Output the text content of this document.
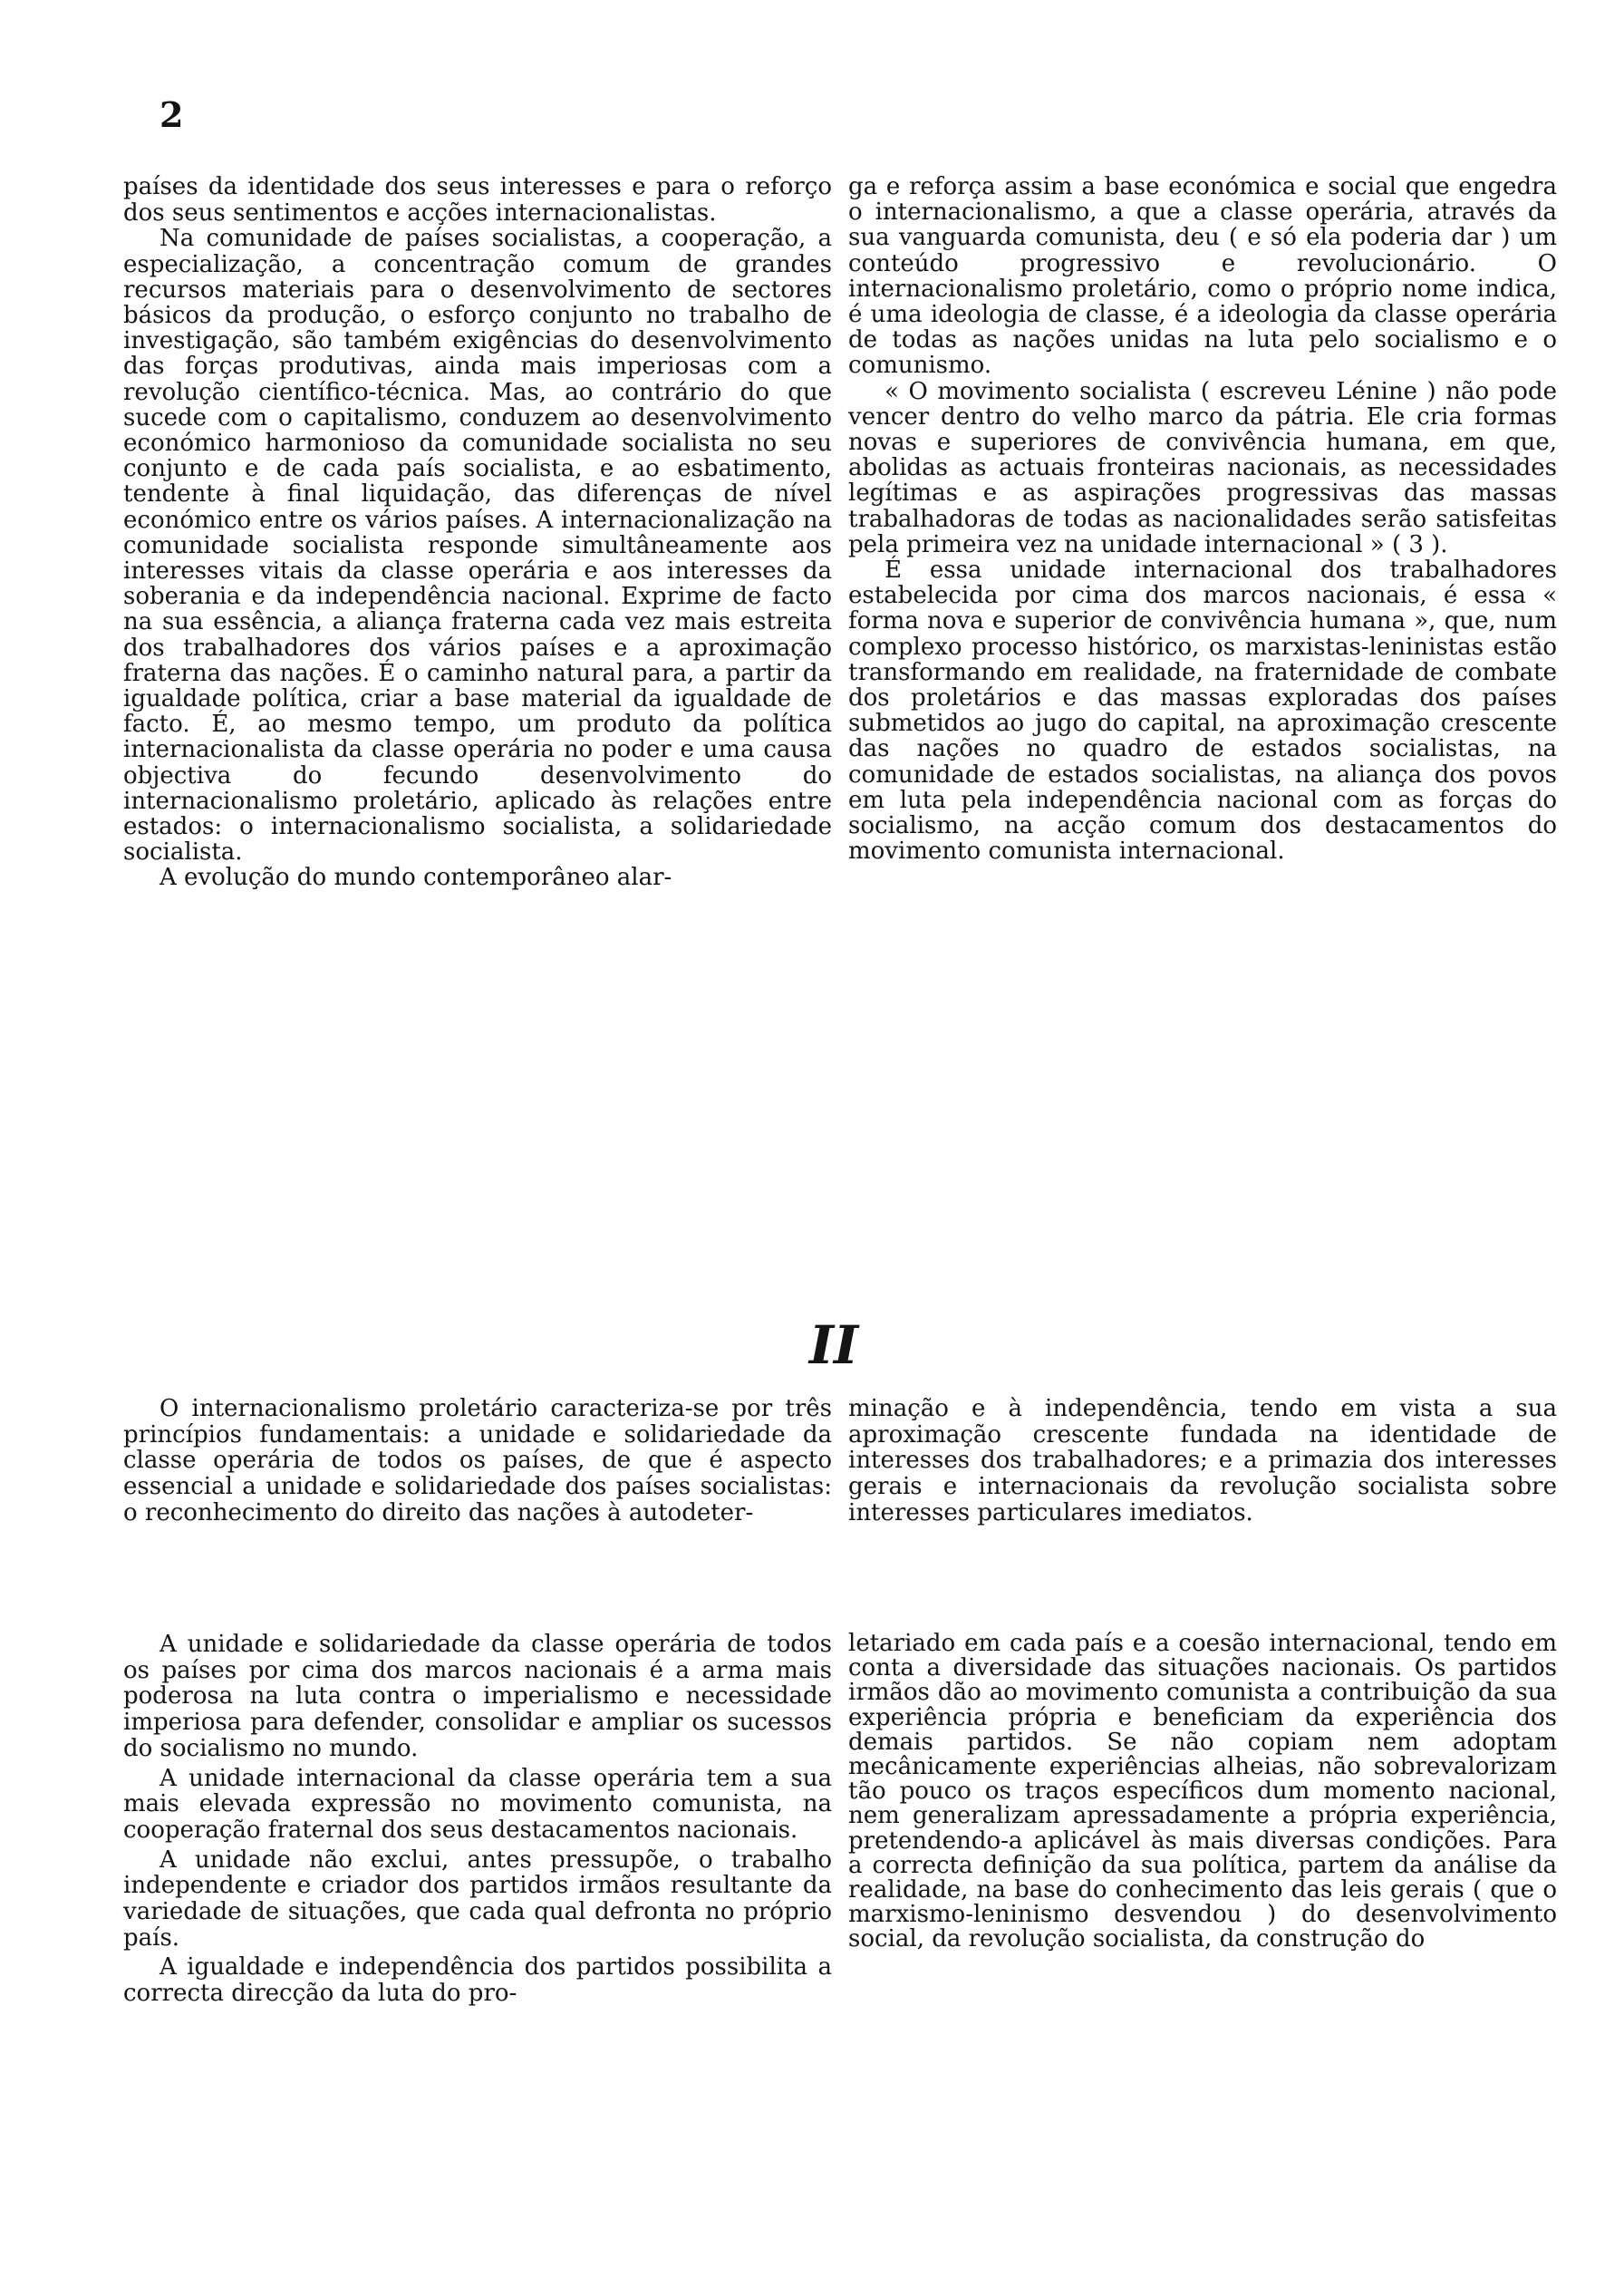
2

países da identidade dos seus interesses e para o reforço dos seus sentimentos e acções internacionalistas.

Na comunidade de países socialistas, a cooperação, a especialização, a concentração comum de grandes recursos materiais para o desenvolvimento de sectores básicos da produção, o esforço conjunto no trabalho de investigação, são também exigências do desenvolvimento das forças produtivas, ainda mais imperiosas com a revolução científico-técnica. Mas, ao contrário do que sucede com o capitalismo, conduzem ao desenvolvimento económico harmonioso da comunidade socialista no seu conjunto e de cada país socialista, e ao esbatimento, tendente à final liquidação, das diferenças de nível económico entre os vários países. A internacionalização na comunidade socialista responde simultâneamente aos interesses vitais da classe operária e aos interesses da soberania e da independência nacional. Exprime de facto na sua essência, a aliança fraterna cada vez mais estreita dos trabalhadores dos vários países e a aproximação fraterna das nações. É o caminho natural para, a partir da igualdade política, criar a base material da igualdade de facto. É, ao mesmo tempo, um produto da política internacionalista da classe operária no poder e uma causa objectiva do fecundo desenvolvimento do internacionalismo proletário, aplicado às relações entre estados: o internacionalismo socialista, a solidariedade socialista.

A evolução do mundo contemporâneo alar-

ga e reforça assim a base económica e social que engedra o internacionalismo, a que a classe operária, através da sua vanguarda comunista, deu ( e só ela poderia dar ) um conteúdo progressivo e revolucionário. O internacionalismo proletário, como o próprio nome indica, é uma ideologia de classe, é a ideologia da classe operária de todas as nações unidas na luta pelo socialismo e o comunismo.

« O movimento socialista ( escreveu Lénine ) não pode vencer dentro do velho marco da pátria. Ele cria formas novas e superiores de convivência humana, em que, abolidas as actuais fronteiras nacionais, as necessidades legítimas e as aspirações progressivas das massas trabalhadoras de todas as nacionalidades serão satisfeitas pela primeira vez na unidade internacional » ( 3 ).

É essa unidade internacional dos trabalhadores estabelecida por cima dos marcos nacionais, é essa « forma nova e superior de convivência humana », que, num complexo processo histórico, os marxistas-leninistas estão transformando em realidade, na fraternidade de combate dos proletários e das massas exploradas dos países submetidos ao jugo do capital, na aproximação crescente das nações no quadro de estados socialistas, na comunidade de estados socialistas, na aliança dos povos em luta pela independência nacional com as forças do socialismo, na acção comum dos destacamentos do movimento comunista internacional.

II

O internacionalismo proletário caracteriza-se por três princípios fundamentais: a unidade e solidariedade da classe operária de todos os países, de que é aspecto essencial a unidade e solidariedade dos países socialistas: o reconhecimento do direito das nações à autodeter-

minação e à independência, tendo em vista a sua aproximação crescente fundada na identidade de interesses dos trabalhadores; e a primazia dos interesses gerais e internacionais da revolução socialista sobre interesses particulares imediatos.

A unidade e solidariedade da classe operária de todos os países por cima dos marcos nacionais é a arma mais poderosa na luta contra o imperialismo e necessidade imperiosa para defender, consolidar e ampliar os sucessos do socialismo no mundo.

A unidade internacional da classe operária tem a sua mais elevada expressão no movimento comunista, na cooperação fraternal dos seus destacamentos nacionais.

A unidade não exclui, antes pressupõe, o trabalho independente e criador dos partidos irmãos resultante da variedade de situações, que cada qual defronta no próprio país.

A igualdade e independência dos partidos possibilita a correcta direcção da luta do pro-

letariado em cada país e a coesão internacional, tendo em conta a diversidade das situações nacionais. Os partidos irmãos dão ao movimento comunista a contribuição da sua experiência própria e beneficiam da experiência dos demais partidos. Se não copiam nem adoptam mecânicamente experiências alheias, não sobrevalorizam tão pouco os traços específicos dum momento nacional, nem generalizam apressadamente a própria experiência, pretendendo-a aplicável às mais diversas condições. Para a correcta definição da sua política, partem da análise da realidade, na base do conhecimento das leis gerais ( que o marxismo-leninismo desvendou ) do desenvolvimento social, da revolução socialista, da construção do
